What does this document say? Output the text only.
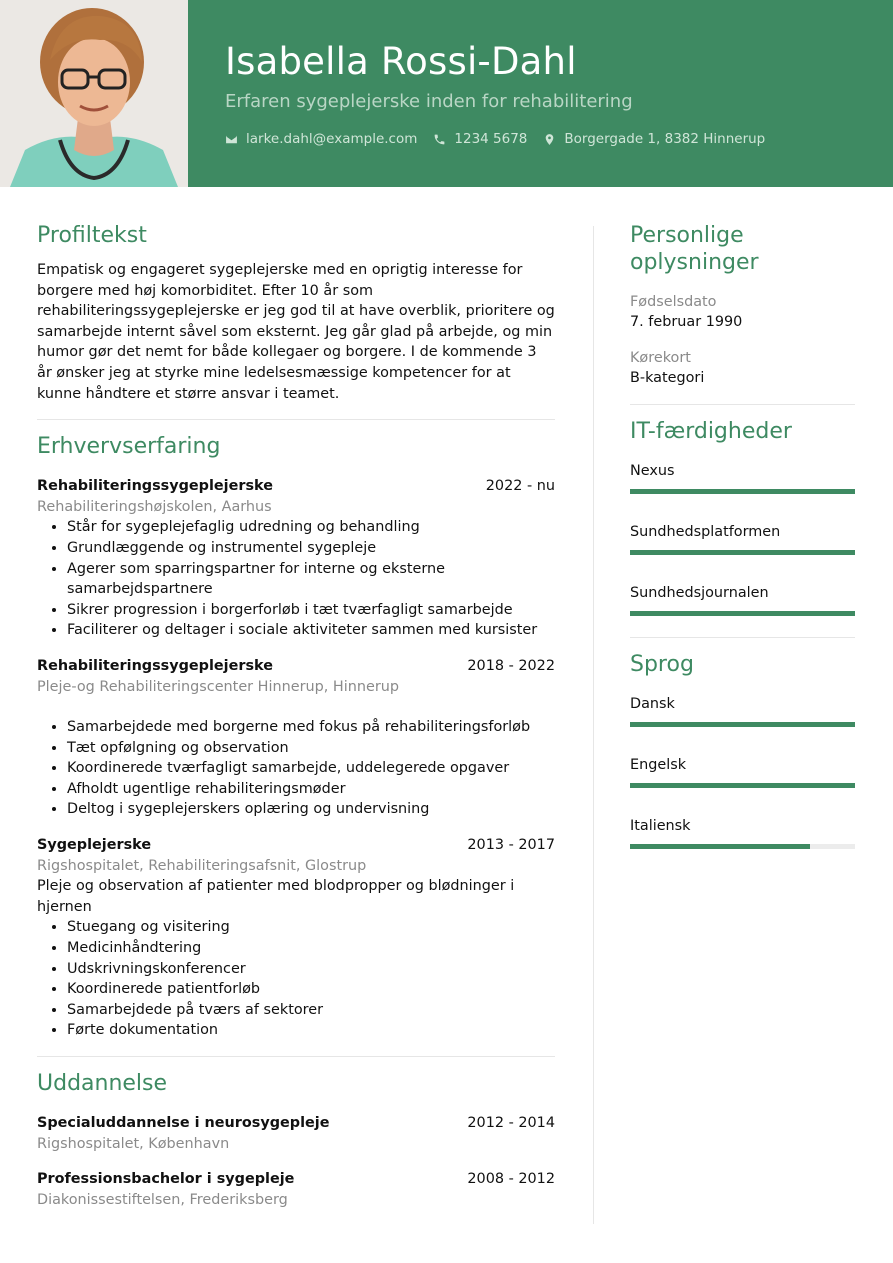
Isabella Rossi-Dahl
Erfaren sygeplejerske inden for rehabilitering
larke.dahl@example.com	1234 5678	Borgergade 1, 8382 Hinnerup
Profiltekst
Empatisk og engageret sygeplejerske med en oprigtig interesse for borgere med høj komorbiditet. Efter 10 år som rehabiliteringssygeplejerske er jeg god til at have overblik, prioritere og samarbejde internt såvel som eksternt. Jeg går glad på arbejde, og min humor gør det nemt for både kollegaer og borgere. I de kommende 3 år ønsker jeg at styrke mine ledelsesmæssige kompetencer for at kunne håndtere et større ansvar i teamet.
Erhvervserfaring
Rehabiliteringssygeplejerske	2022 - nu
Rehabiliteringshøjskolen, Aarhus
• Står for sygeplejefaglig udredning og behandling
• Grundlæggende og instrumentel sygepleje
• Agerer som sparringspartner for interne og eksterne samarbejdspartnere
• Sikrer progression i borgerforløb i tæt tværfagligt samarbejde
• Faciliterer og deltager i sociale aktiviteter sammen med kursister
Rehabiliteringssygeplejerske	2018 - 2022
Pleje-og Rehabiliteringscenter Hinnerup, Hinnerup
• Samarbejdede med borgerne med fokus på rehabiliteringsforløb
• Tæt opfølgning og observation
• Koordinerede tværfagligt samarbejde, uddelegerede opgaver
• Afholdt ugentlige rehabiliteringsmøder
• Deltog i sygeplejerskers oplæring og undervisning
Sygeplejerske	2013 - 2017
Rigshospitalet, Rehabiliteringsafsnit, Glostrup
Pleje og observation af patienter med blodpropper og blødninger i hjernen
• Stuegang og visitering
• Medicinhåndtering
• Udskrivningskonferencer
• Koordinerede patientforløb
• Samarbejdede på tværs af sektorer
• Førte dokumentation
Uddannelse
Specialuddannelse i neurosygepleje	2012 - 2014
Rigshospitalet, København
Professionsbachelor i sygepleje	2008 - 2012
Diakonissestiftelsen, Frederiksberg
Personlige oplysninger
Fødselsdato
7. februar 1990
Kørekort
B-kategori
IT-færdigheder
Nexus
Sundhedsplatformen
Sundhedsjournalen
Sprog
Dansk
Engelsk
Italiensk
